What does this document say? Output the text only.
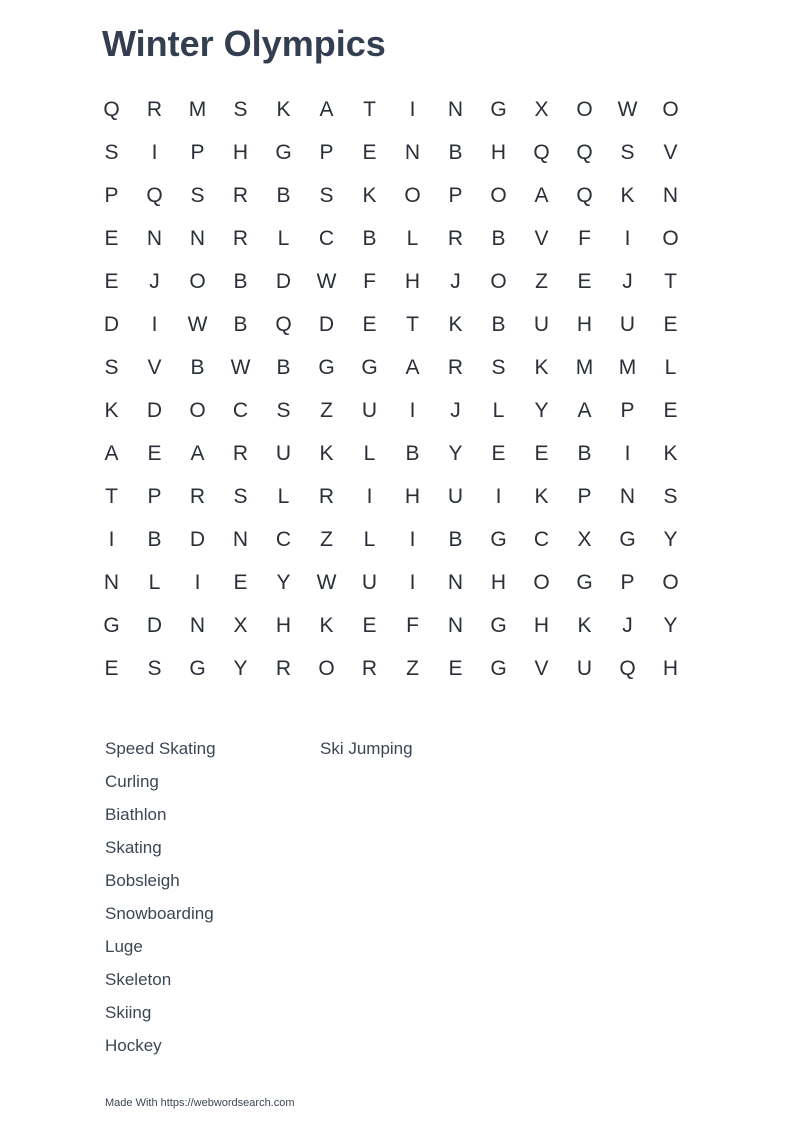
Winter Olympics
Q	R	M	S	K	A	T	I	N	G	X	O	W	O
S	I	P	H	G	P	E	N	B	H	Q	Q	S	V
P	Q	S	R	B	S	K	O	P	O	A	Q	K	N
E	N	N	R	L	C	B	L	R	B	V	F	I	O
E	J	O	B	D	W	F	H	J	O	Z	E	J	T
D	I	W	B	Q	D	E	T	K	B	U	H	U	E
S	V	B	W	B	G	G	A	R	S	K	M	M	L
K	D	O	C	S	Z	U	I	J	L	Y	A	P	E
A	E	A	R	U	K	L	B	Y	E	E	B	I	K
T	P	R	S	L	R	I	H	U	I	K	P	N	S
I	B	D	N	C	Z	L	I	B	G	C	X	G	Y
N	L	I	E	Y	W	U	I	N	H	O	G	P	O
G	D	N	X	H	K	E	F	N	G	H	K	J	Y
E	S	G	Y	R	O	R	Z	E	G	V	U	Q	H
Speed Skating
Curling
Biathlon
Skating
Bobsleigh
Snowboarding
Luge
Skeleton
Skiing
Hockey
Ski Jumping
Made With https://webwordsearch.com
